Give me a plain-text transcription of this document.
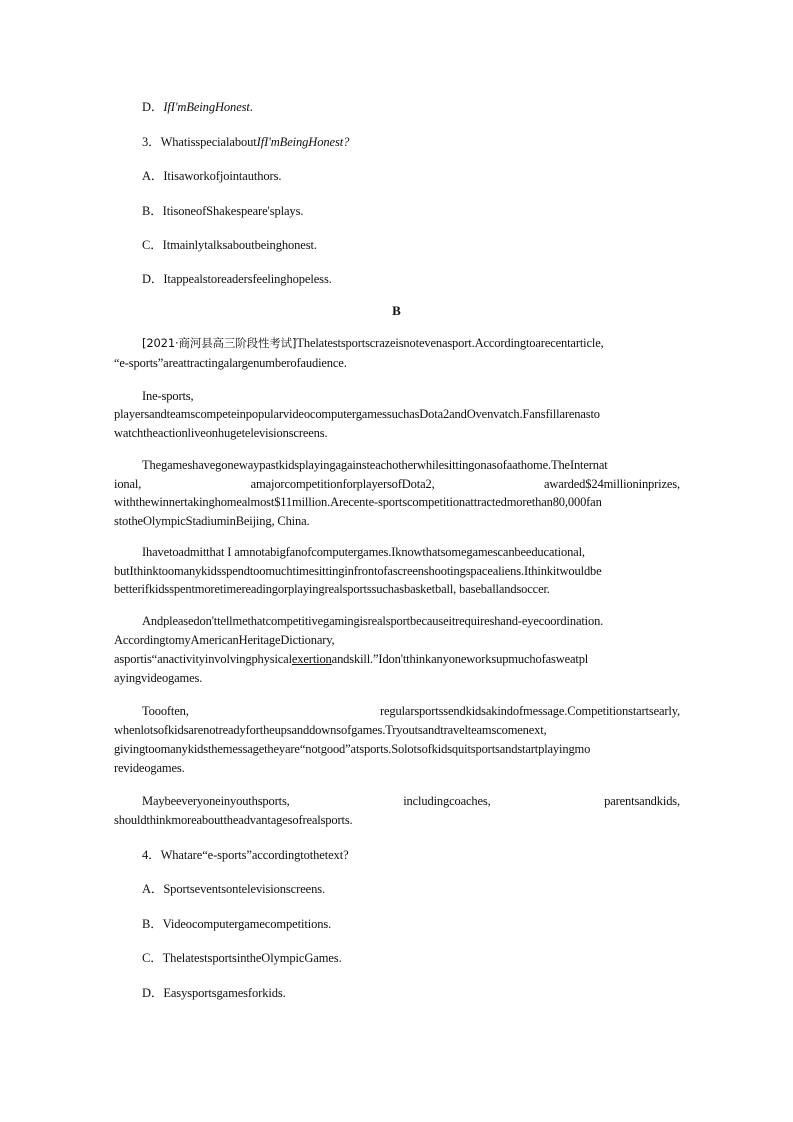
D．IfI'mBeingHonest.
3．WhatisspecialaboutIfI'mBeingHonest?
A．Itisaworkofjointauthors.
B．ItisoneofShakespeare'splays.
C．Itmainlytalksaboutbeinghonest.
D．Itappealstoreadersfeelinghopeless.
B
[2021·商河县高三阶段性考试]Thelatestsportscrazeisnotevenasport.Accordingtoarecentarticle,
“e-sports”areattractingalargenumberofaudience.
Ine-sports,
playersandteamscompeteinpopularvideocomputergamessuchasDota2andOvenvatch.Fansfillarenasto
watchtheactionliveonhugetelevisionscreens.
Thegameshavegonewaypastkidsplayingagainsteachotherwhilesittingonasofaathome.TheInternat
ional,	amajorcompetitionforplayersofDota2,	awarded$24millioninprizes,
withthewinnertakinghomealmost$11million.Arecente-sportscompetitionattractedmorethan80,000fan
stotheOlympicStadiuminBeijing, China.
Ihavetoadmitthat I amnotabigfanofcomputergames.Iknowthatsomegamescanbeeducational,
butIthinktoomanykidsspendtoomuchtimesittinginfrontofascreenshootingspacealiens.Ithinkitwouldbe
betterifkidsspentmoretimereadingorplayingrealsportssuchasbasketball, baseballandsoccer.
Andpleasedon'ttellmethatcompetitivegamingisrealsportbecauseitrequireshand-eyecoordination.
AccordingtomyAmericanHeritageDictionary,
asportis“anactivityinvolvingphysicalexertionandskill.”Idon'tthinkanyoneworksupmuchofasweatpl
ayingvideogames.
Toooften,	regularsportssendkidsakindofmessage.Competitionstartsearly,
whenlotsofkidsarenotreadyfortheupsanddownsofgames.Tryoutsandtravelteamscomenext,
givingtoomanykidsthemessagetheyare“notgood”atsports.Solotsofkidsquitsportsandstartplayingmo
revideogames.
Maybeeveryoneinyouthsports,	includingcoaches,	parentsandkids,
shouldthinkmoreabouttheadvantagesofrealsports.
4．Whatare“e-sports”accordingtothetext?
A．Sportseventsontelevisionscreens.
B．Videocomputergamecompetitions.
C．ThelatestsportsintheOlympicGames.
D．Easysportsgamesforkids.
